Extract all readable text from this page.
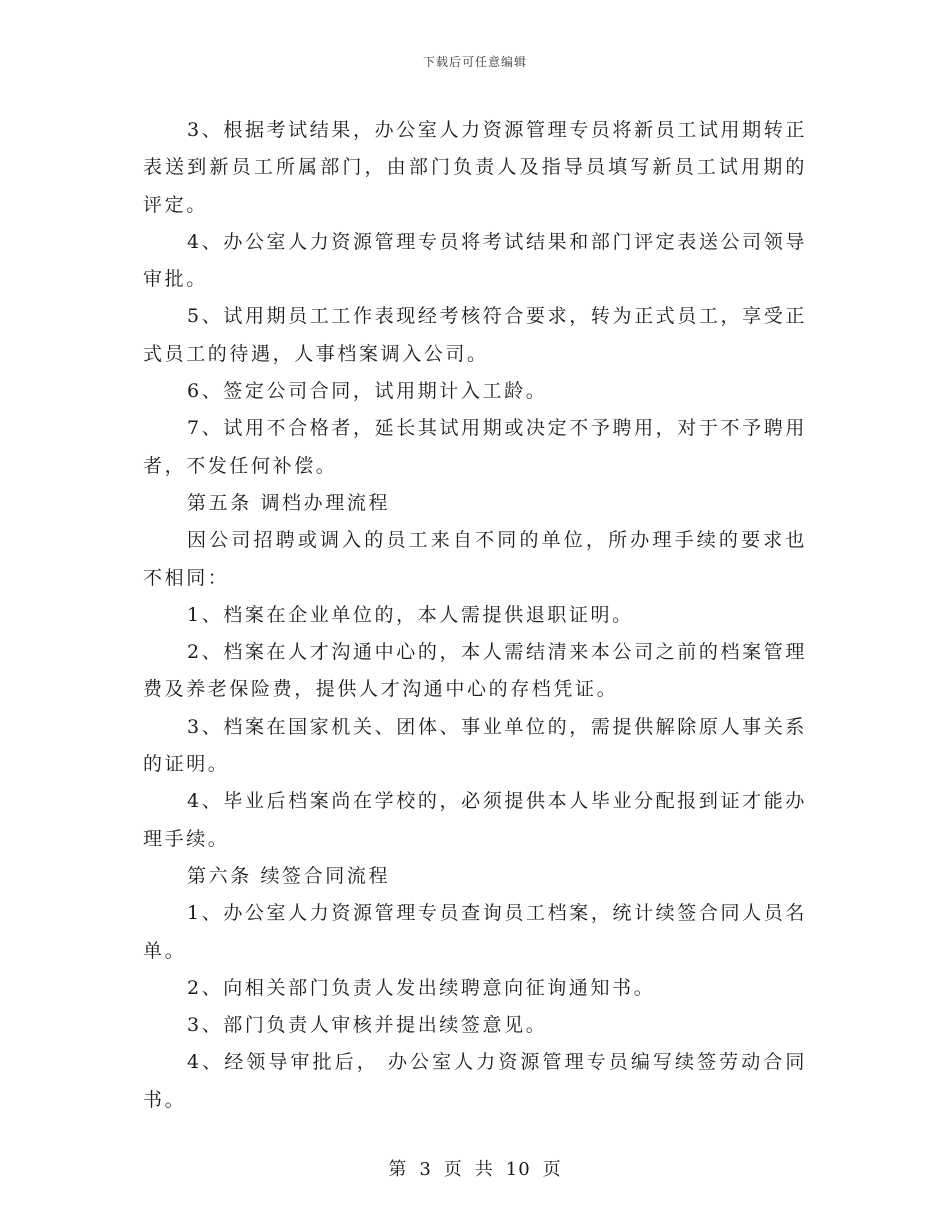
下载后可任意编辑

3、根据考试结果，办公室人力资源管理专员将新员工试用期转正表送到新员工所属部门，由部门负责人及指导员填写新员工试用期的评定。

4、办公室人力资源管理专员将考试结果和部门评定表送公司领导审批。

5、试用期员工工作表现经考核符合要求，转为正式员工，享受正式员工的待遇，人事档案调入公司。

6、签定公司合同，试用期计入工龄。

7、试用不合格者，延长其试用期或决定不予聘用，对于不予聘用者，不发任何补偿。

第五条 调档办理流程

因公司招聘或调入的员工来自不同的单位，所办理手续的要求也不相同：

1、档案在企业单位的，本人需提供退职证明。

2、档案在人才沟通中心的，本人需结清来本公司之前的档案管理费及养老保险费，提供人才沟通中心的存档凭证。

3、档案在国家机关、团体、事业单位的，需提供解除原人事关系的证明。

4、毕业后档案尚在学校的，必须提供本人毕业分配报到证才能办理手续。

第六条 续签合同流程

1、办公室人力资源管理专员查询员工档案，统计续签合同人员名单。

2、向相关部门负责人发出续聘意向征询通知书。

3、部门负责人审核并提出续签意见。

4、经领导审批后， 办公室人力资源管理专员编写续签劳动合同书。

第 3 页 共 10 页
